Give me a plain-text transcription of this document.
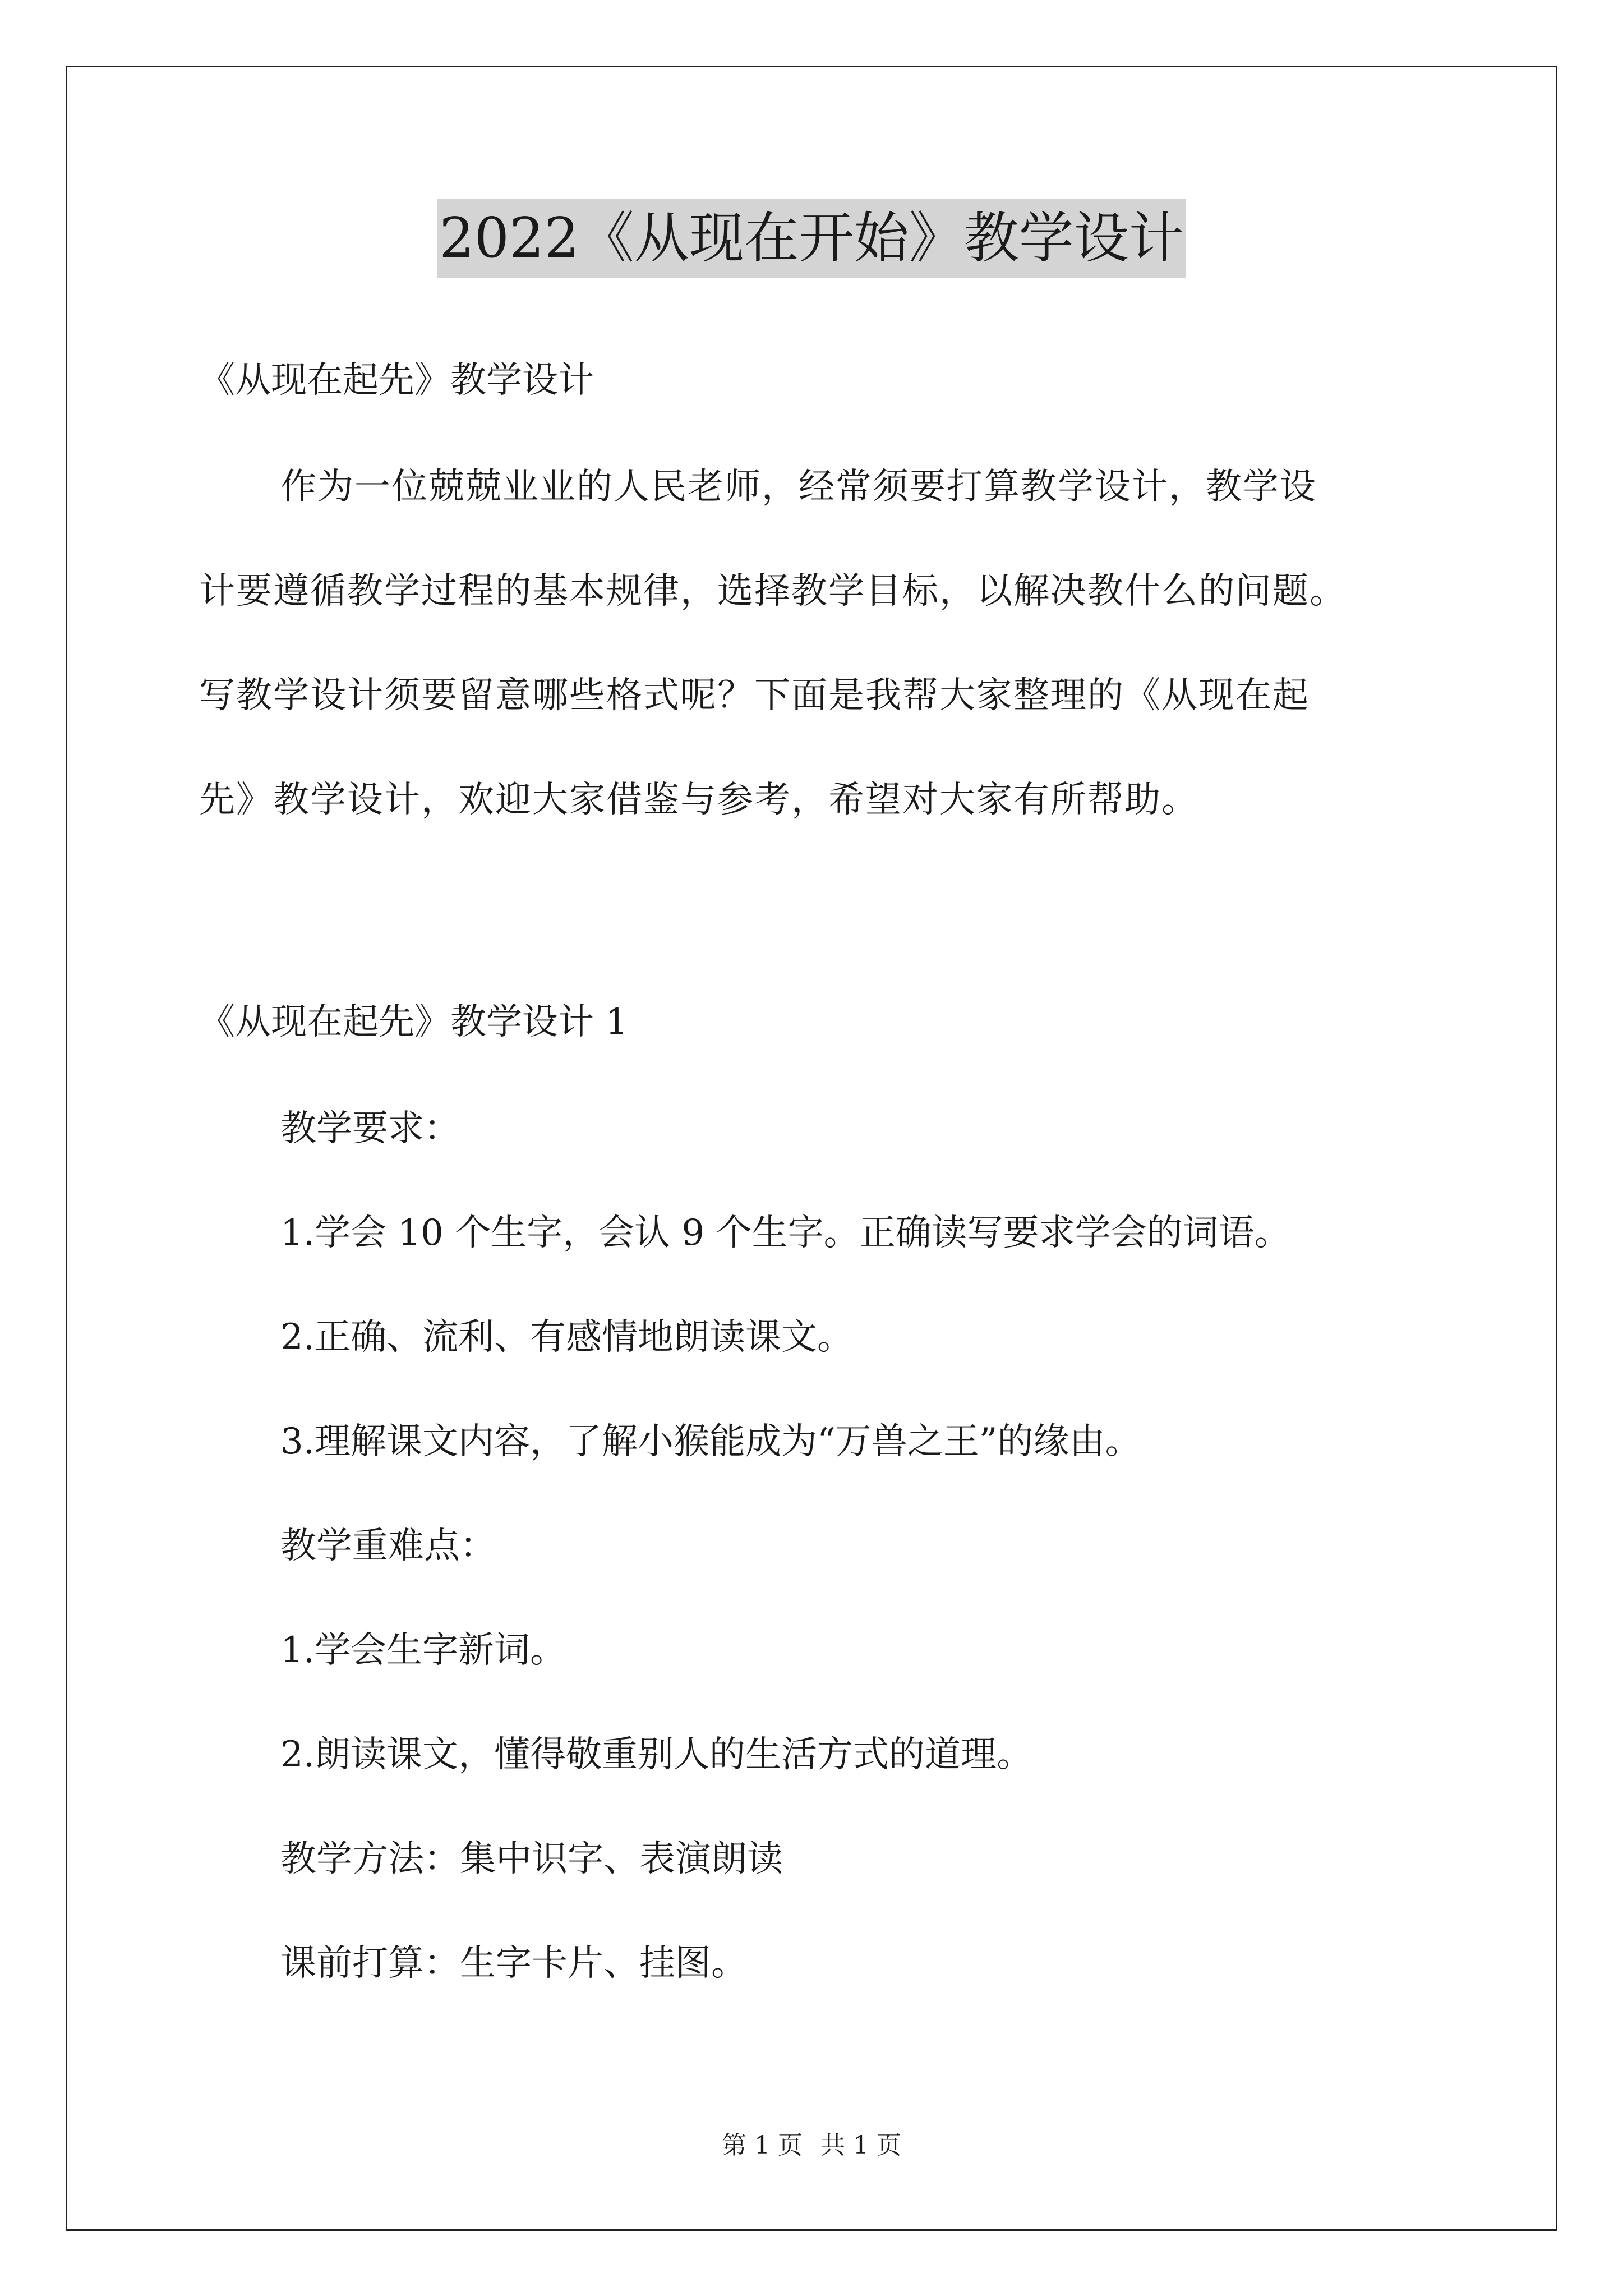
2022《从现在开始》教学设计
《从现在起先》教学设计
作为一位兢兢业业的人民老师，经常须要打算教学设计，教学设
计要遵循教学过程的基本规律，选择教学目标，以解决教什么的问题。
写教学设计须要留意哪些格式呢？下面是我帮大家整理的《从现在起
先》教学设计，欢迎大家借鉴与参考，希望对大家有所帮助。
《从现在起先》教学设计 1
教学要求：
1.学会 10 个生字，会认 9 个生字。正确读写要求学会的词语。
2.正确、流利、有感情地朗读课文。
3.理解课文内容，了解小猴能成为“万兽之王”的缘由。
教学重难点：
1.学会生字新词。
2.朗读课文，懂得敬重别人的生活方式的道理。
教学方法：集中识字、表演朗读
课前打算：生字卡片、挂图。
第 1 页 共 1 页
